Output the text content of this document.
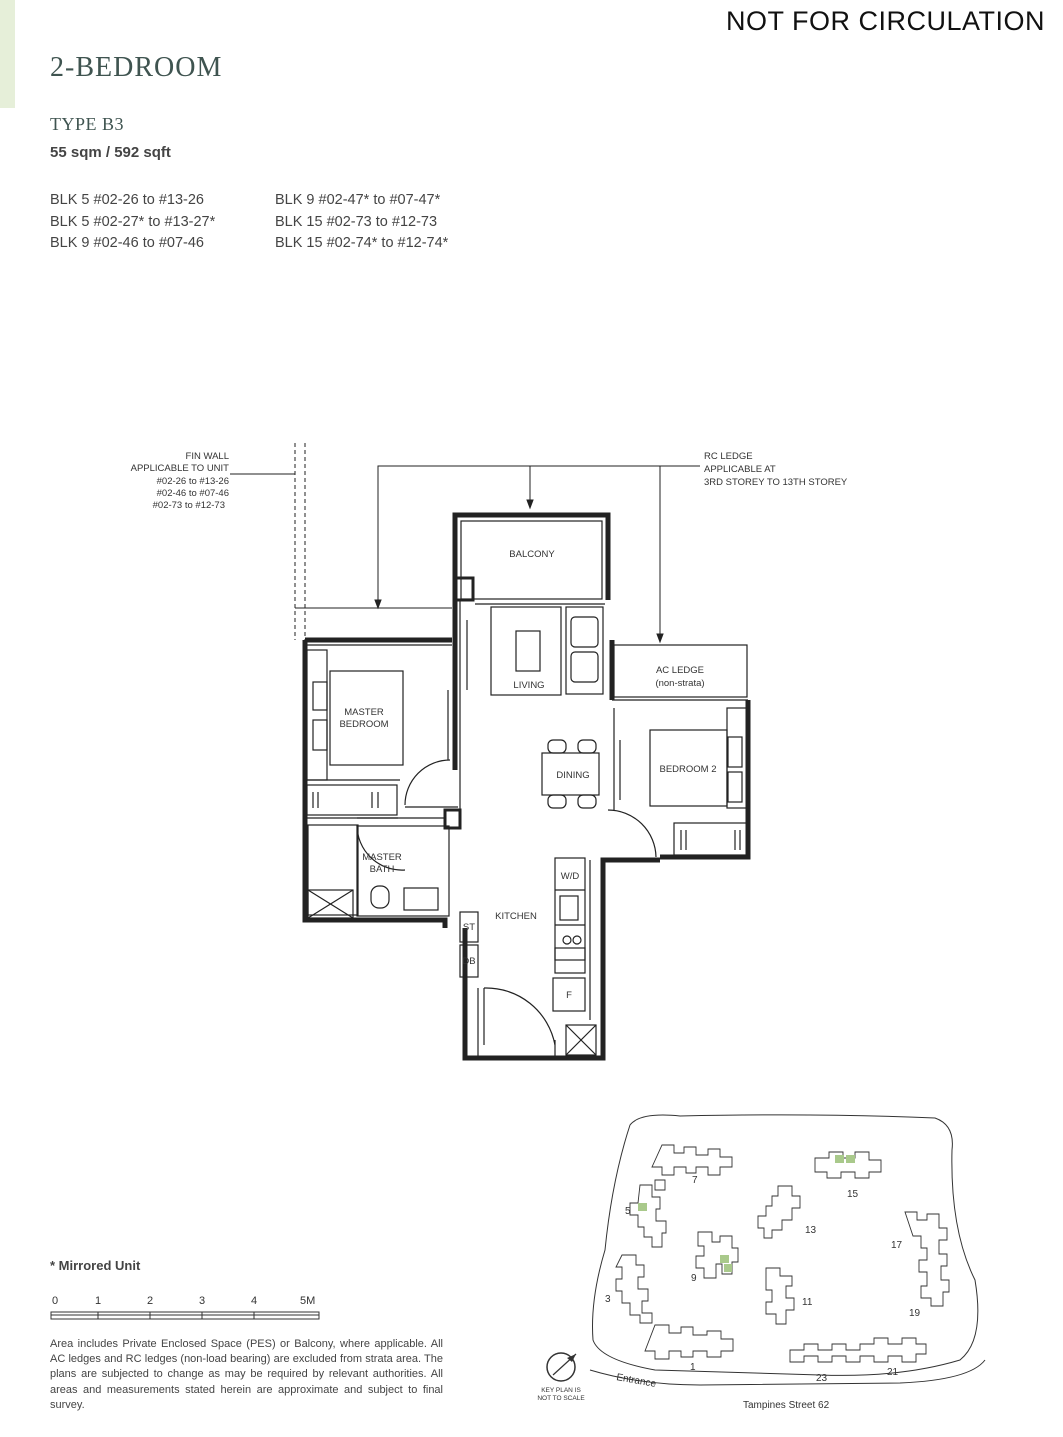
NOT FOR CIRCULATION
2-BEDROOM
TYPE B3
55 sqm / 592 sqft
BLK 5 #02-26 to #13-26
BLK 5 #02-27* to #13-27*
BLK 9 #02-46 to #07-46
BLK 9 #02-47* to #07-47*
BLK 15 #02-73 to #12-73
BLK 15 #02-74* to #12-74*
FIN WALL
APPLICABLE TO UNIT
#02-26 to #13-26
#02-46 to #07-46
#02-73 to #12-73
RC LEDGE
APPLICABLE AT
3RD STOREY TO 13TH STOREY
BALCONY
LIVING
AC LEDGE
(non-strata)
MASTER
BEDROOM
DINING
BEDROOM 2
MASTER
BATH
KITCHEN
W/D
ST
DB
F
* Mirrored Unit
0	1	2	3	4	5M
Area includes Private Enclosed Space (PES) or Balcony, where applicable. All AC ledges and RC ledges (non-load bearing) are excluded from strata area. The plans are subjected to change as may be required by relevant authorities. All areas and measurements stated herein are approximate and subject to final survey.
7
5
3
1
9
11
13
15
17
19
21
23
Entrance
Tampines Street 62
KEY PLAN IS
NOT TO SCALE
